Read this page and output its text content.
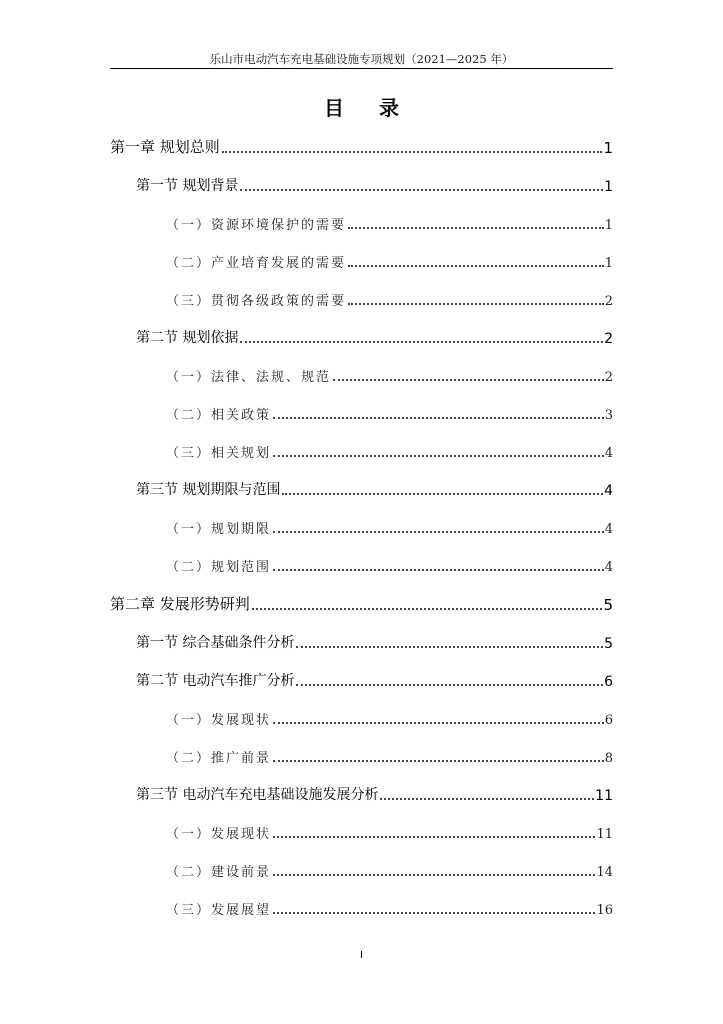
乐山市电动汽车充电基础设施专项规划（2021—2025 年）
目 录
第一章 规划总则	1
第一节 规划背景	1
（一）资源环境保护的需要	1
（二）产业培育发展的需要	1
（三）贯彻各级政策的需要	2
第二节 规划依据	2
（一）法律、法规、规范	2
（二）相关政策	3
（三）相关规划	4
第三节 规划期限与范围	4
（一）规划期限	4
（二）规划范围	4
第二章 发展形势研判	5
第一节 综合基础条件分析	5
第二节 电动汽车推广分析	6
（一）发展现状	6
（二）推广前景	8
第三节 电动汽车充电基础设施发展分析	11
（一）发展现状	11
（二）建设前景	14
（三）发展展望	16
I
